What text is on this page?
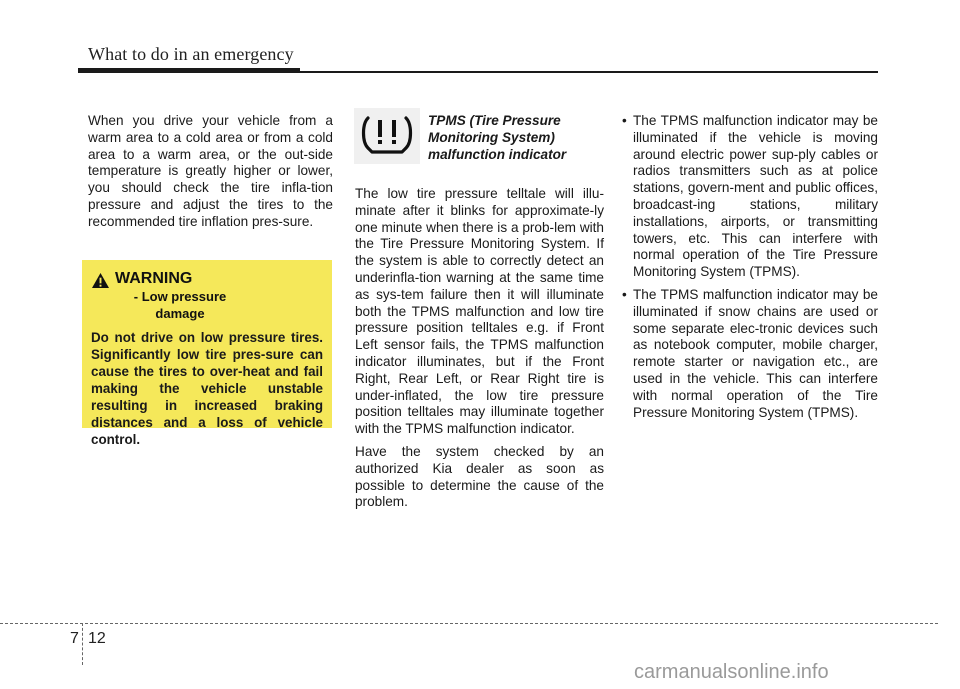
What to do in an emergency

When you drive your vehicle from a warm area to a cold area or from a cold area to a warm area, or the out-side temperature is greatly higher or lower, you should check the tire infla-tion pressure and adjust the tires to the recommended tire inflation pres-sure.

WARNING - Low pressure damage
Do not drive on low pressure tires. Significantly low tire pres-sure can cause the tires to over-heat and fail making the vehicle unstable resulting in increased braking distances and a loss of vehicle control.
TPMS (Tire Pressure Monitoring System) malfunction indicator

The low tire pressure telltale will illu-minate after it blinks for approximate-ly one minute when there is a prob-lem with the Tire Pressure Monitoring System. If the system is able to correctly detect an underinfla-tion warning at the same time as sys-tem failure then it will illuminate both the TPMS malfunction and low tire pressure position telltales e.g. if Front Left sensor fails, the TPMS malfunction indicator illuminates, but if the Front Right, Rear Left, or Rear Right tire is under-inflated, the low tire pressure position telltales may illuminate together with the TPMS malfunction indicator.

Have the system checked by an authorized Kia dealer as soon as possible to determine the cause of the problem.

• The TPMS malfunction indicator may be illuminated if the vehicle is moving around electric power sup-ply cables or radios transmitters such as at police stations, govern-ment and public offices, broadcast-ing stations, military installations, airports, or transmitting towers, etc. This can interfere with normal operation of the Tire Pressure Monitoring System (TPMS).

• The TPMS malfunction indicator may be illuminated if snow chains are used or some separate elec-tronic devices such as notebook computer, mobile charger, remote starter or navigation etc., are used in the vehicle. This can interfere with normal operation of the Tire Pressure Monitoring System (TPMS).

7 12
carmanualsonline.info
